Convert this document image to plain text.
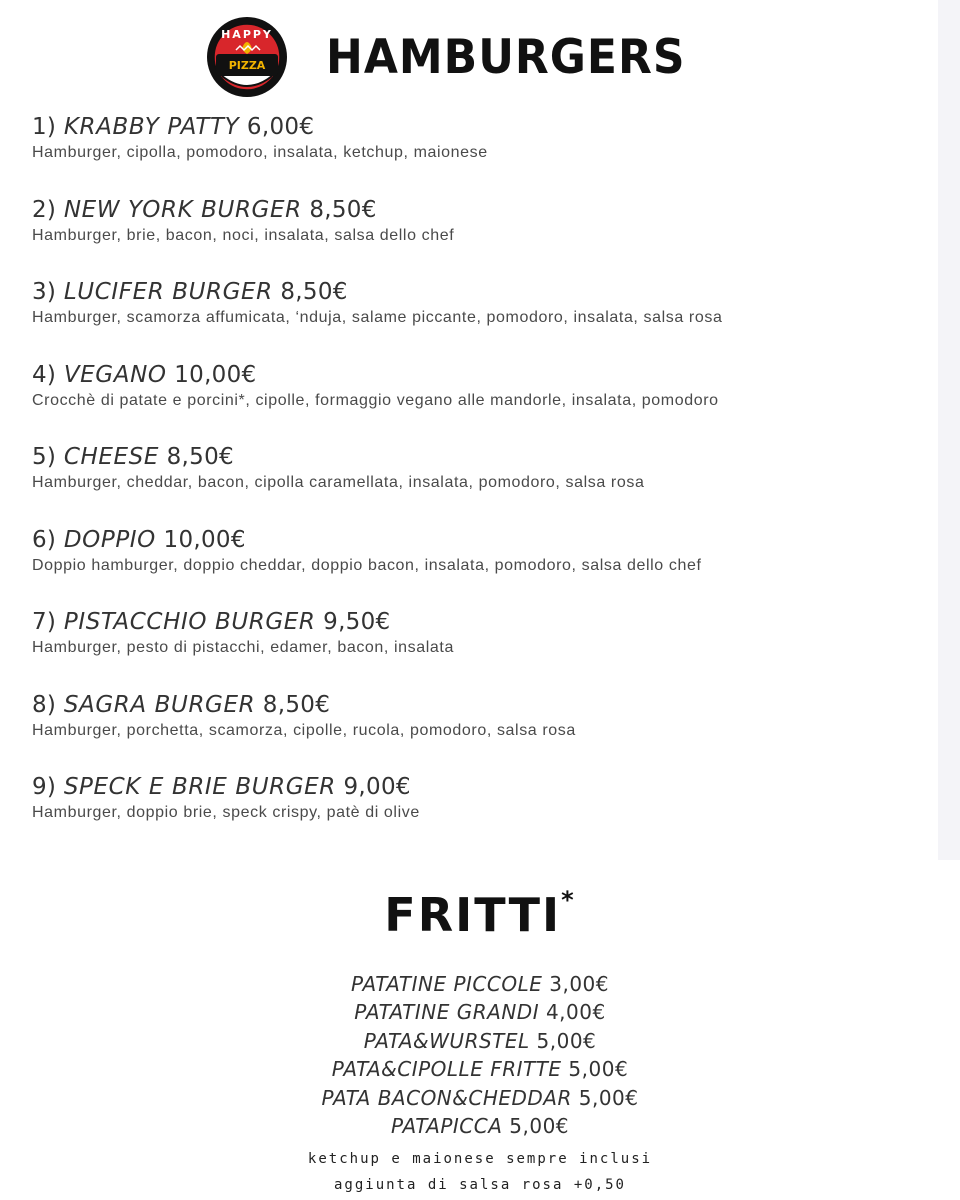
HAPPY
PIZZA HAMBURGERS
1) KRABBY PATTY 6,00€
Hamburger, cipolla, pomodoro, insalata, ketchup, maionese
2) NEW YORK BURGER 8,50€
Hamburger, brie, bacon, noci, insalata, salsa dello chef
3) LUCIFER BURGER 8,50€
Hamburger, scamorza affumicata, ‘nduja, salame piccante, pomodoro, insalata, salsa rosa
4) VEGANO 10,00€
Crocchè di patate e porcini*, cipolle, formaggio vegano alle mandorle, insalata, pomodoro
5) CHEESE 8,50€
Hamburger, cheddar, bacon, cipolla caramellata, insalata, pomodoro, salsa rosa
6) DOPPIO 10,00€
Doppio hamburger, doppio cheddar, doppio bacon, insalata, pomodoro, salsa dello chef
7) PISTACCHIO BURGER 9,50€
Hamburger, pesto di pistacchi, edamer, bacon, insalata
8) SAGRA BURGER 8,50€
Hamburger, porchetta, scamorza, cipolle, rucola, pomodoro, salsa rosa
9) SPECK E BRIE BURGER 9,00€
Hamburger, doppio brie, speck crispy, patè di olive
FRITTI*
PATATINE PICCOLE 3,00€
PATATINE GRANDI 4,00€
PATA&WURSTEL 5,00€
PATA&CIPOLLE FRITTE 5,00€
PATA BACON&CHEDDAR 5,00€
PATAPICCA 5,00€
ketchup e maionese sempre inclusi
aggiunta di salsa rosa +0,50
